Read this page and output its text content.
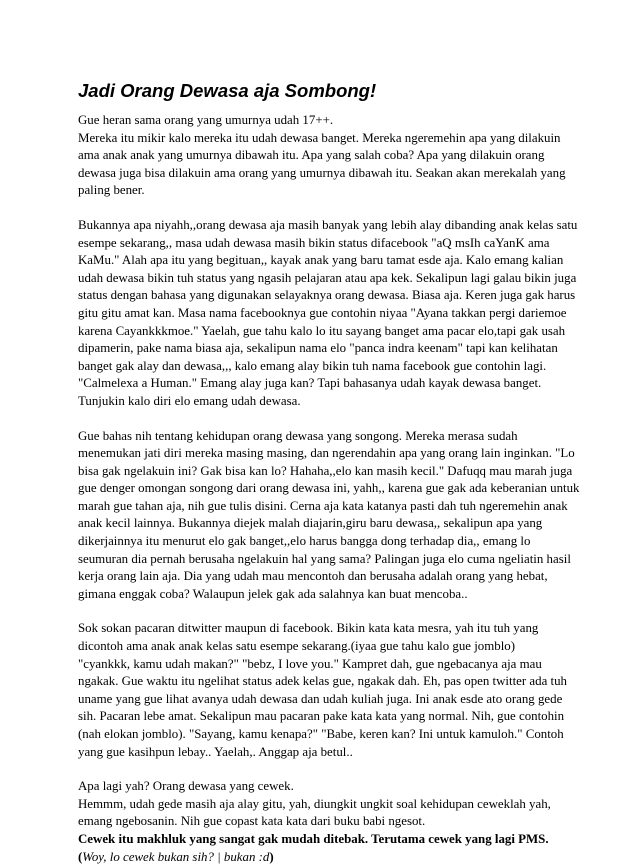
Jadi Orang Dewasa aja Sombong!
Gue heran sama orang yang umurnya udah 17++.
Mereka itu mikir kalo mereka itu udah dewasa banget. Mereka ngeremehin apa yang dilakuin
ama anak anak yang umurnya dibawah itu. Apa yang salah coba? Apa yang dilakuin orang
dewasa juga bisa dilakuin ama orang yang umurnya dibawah itu. Seakan akan merekalah yang
paling bener.
Bukannya apa niyahh,,orang dewasa aja masih banyak yang lebih alay dibanding anak kelas satu
esempe sekarang,, masa udah dewasa masih bikin status difacebook "aQ msIh caYanK ama
KaMu." Alah apa itu yang begituan,, kayak anak yang baru tamat esde aja. Kalo emang kalian
udah dewasa bikin tuh status yang ngasih pelajaran atau apa kek. Sekalipun lagi galau bikin juga
status dengan bahasa yang digunakan selayaknya orang dewasa. Biasa aja. Keren juga gak harus
gitu gitu amat kan. Masa nama facebooknya gue contohin niyaa "Ayana takkan pergi dariemoe
karena Cayankkkmoe." Yaelah, gue tahu kalo lo itu sayang banget ama pacar elo,tapi gak usah
dipamerin, pake nama biasa aja, sekalipun nama elo "panca indra keenam" tapi kan kelihatan
banget gak alay dan dewasa,,, kalo emang alay bikin tuh nama facebook gue contohin lagi.
"Calmelexa a Human." Emang alay juga kan? Tapi bahasanya udah kayak dewasa banget.
Tunjukin kalo diri elo emang udah dewasa.
Gue bahas nih tentang kehidupan orang dewasa yang songong. Mereka merasa sudah
menemukan jati diri mereka masing masing, dan ngerendahin apa yang orang lain inginkan. "Lo
bisa gak ngelakuin ini? Gak bisa kan lo? Hahaha,,elo kan masih kecil." Dafuqq mau marah juga
gue denger omongan songong dari orang dewasa ini, yahh,, karena gue gak ada keberanian untuk
marah gue tahan aja, nih gue tulis disini. Cerna aja kata katanya pasti dah tuh ngeremehin anak
anak kecil lainnya. Bukannya diejek malah diajarin,giru baru dewasa,, sekalipun apa yang
dikerjainnya itu menurut elo gak banget,,elo harus bangga dong terhadap dia,, emang lo
seumuran dia pernah berusaha ngelakuin hal yang sama? Palingan juga elo cuma ngeliatin hasil
kerja orang lain aja. Dia yang udah mau mencontoh dan berusaha adalah orang yang hebat,
gimana enggak coba? Walaupun jelek gak ada salahnya kan buat mencoba..
Sok sokan pacaran ditwitter maupun di facebook. Bikin kata kata mesra, yah itu tuh yang
dicontoh ama anak anak kelas satu esempe sekarang.(iyaa gue tahu kalo gue jomblo)
"cyankkk, kamu udah makan?" "bebz, I love you." Kampret dah, gue ngebacanya aja mau
ngakak. Gue waktu itu ngelihat status adek kelas gue, ngakak dah. Eh, pas open twitter ada tuh
uname yang gue lihat avanya udah dewasa dan udah kuliah juga. Ini anak esde ato orang gede
sih. Pacaran lebe amat. Sekalipun mau pacaran pake kata kata yang normal. Nih, gue contohin
(nah elokan jomblo). "Sayang, kamu kenapa?" "Babe, keren kan? Ini untuk kamuloh." Contoh
yang gue kasihpun lebay.. Yaelah,. Anggap aja betul..
Apa lagi yah? Orang dewasa yang cewek.
Hemmm, udah gede masih aja alay gitu, yah, diungkit ungkit soal kehidupan ceweklah yah,
emang ngebosanin. Nih gue copast kata kata dari buku babi ngesot.
Cewek itu makhluk yang sangat gak mudah ditebak. Terutama cewek yang lagi PMS.
(Woy, lo cewek bukan sih? | bukan :d)
